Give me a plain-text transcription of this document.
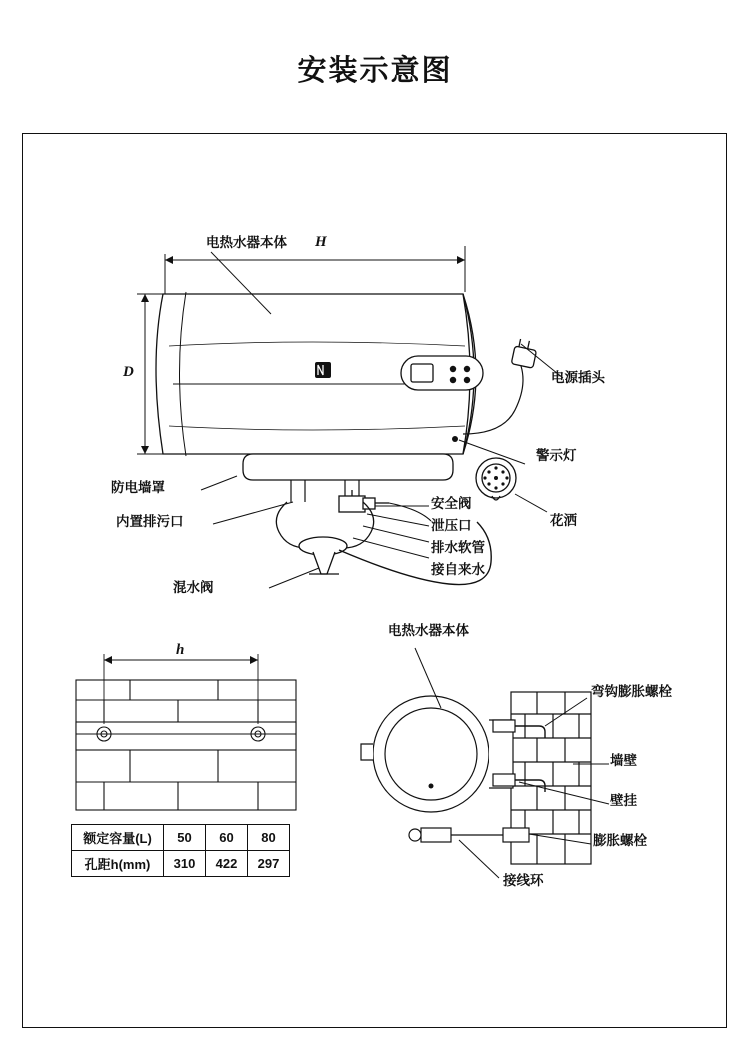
安装示意图
电热水器本体 H
D	电源插头
警示灯
防电墙罩
内置排污口
混水阀
安全阀
泄压口
排水软管
接自来水
花洒
h
额定容量(L)	50	60	80
孔距h(mm)	310	422	297
电热水器本体
弯钩膨胀螺栓
墙壁
壁挂
膨胀螺栓
接线环
